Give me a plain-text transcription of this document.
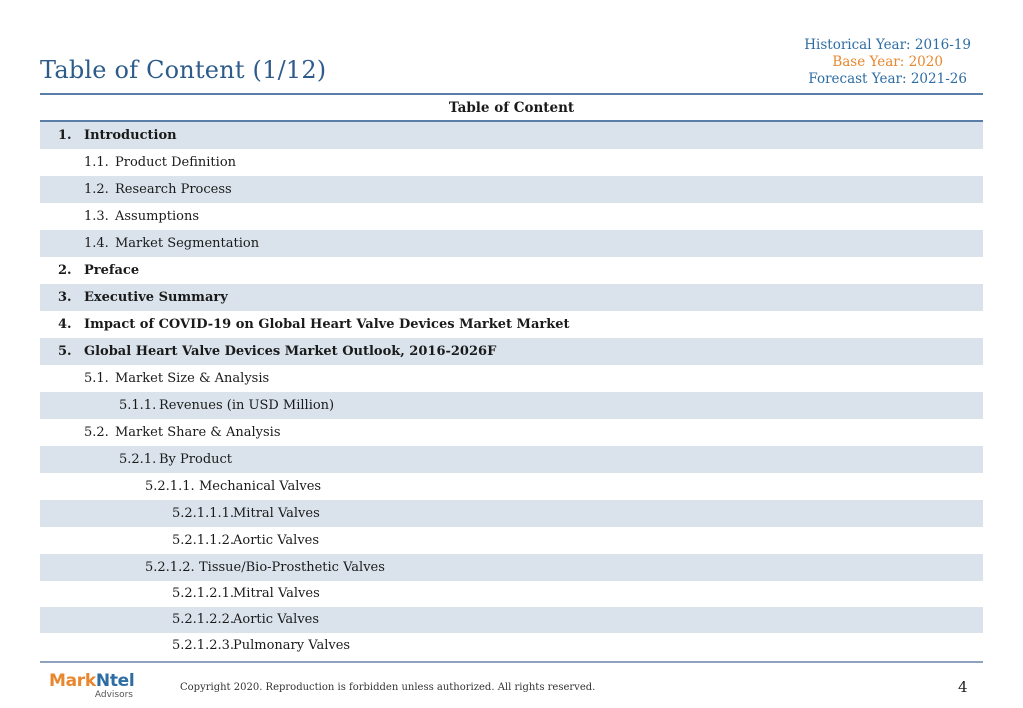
Table of Content (1/12)
Historical Year: 2016-19
Base Year: 2020
Forecast Year: 2021-26
Table of Content
1. Introduction
1.1. Product Definition
1.2. Research Process
1.3. Assumptions
1.4. Market Segmentation
2. Preface
3. Executive Summary
4. Impact of COVID-19 on Global Heart Valve Devices Market Market
5. Global Heart Valve Devices Market Outlook, 2016-2026F
5.1. Market Size & Analysis
5.1.1. Revenues (in USD Million)
5.2. Market Share & Analysis
5.2.1. By Product
5.2.1.1. Mechanical Valves
5.2.1.1.1.
Mitral Valves
5.2.1.1.2.
Aortic Valves
5.2.1.2. Tissue/Bio-Prosthetic Valves
5.2.1.2.1.
Mitral Valves
5.2.1.2.2.
Aortic Valves
5.2.1.2.3.
Pulmonary Valves
MarkNtel
Advisors
Copyright 2020. Reproduction is forbidden unless authorized. All rights reserved.	4
